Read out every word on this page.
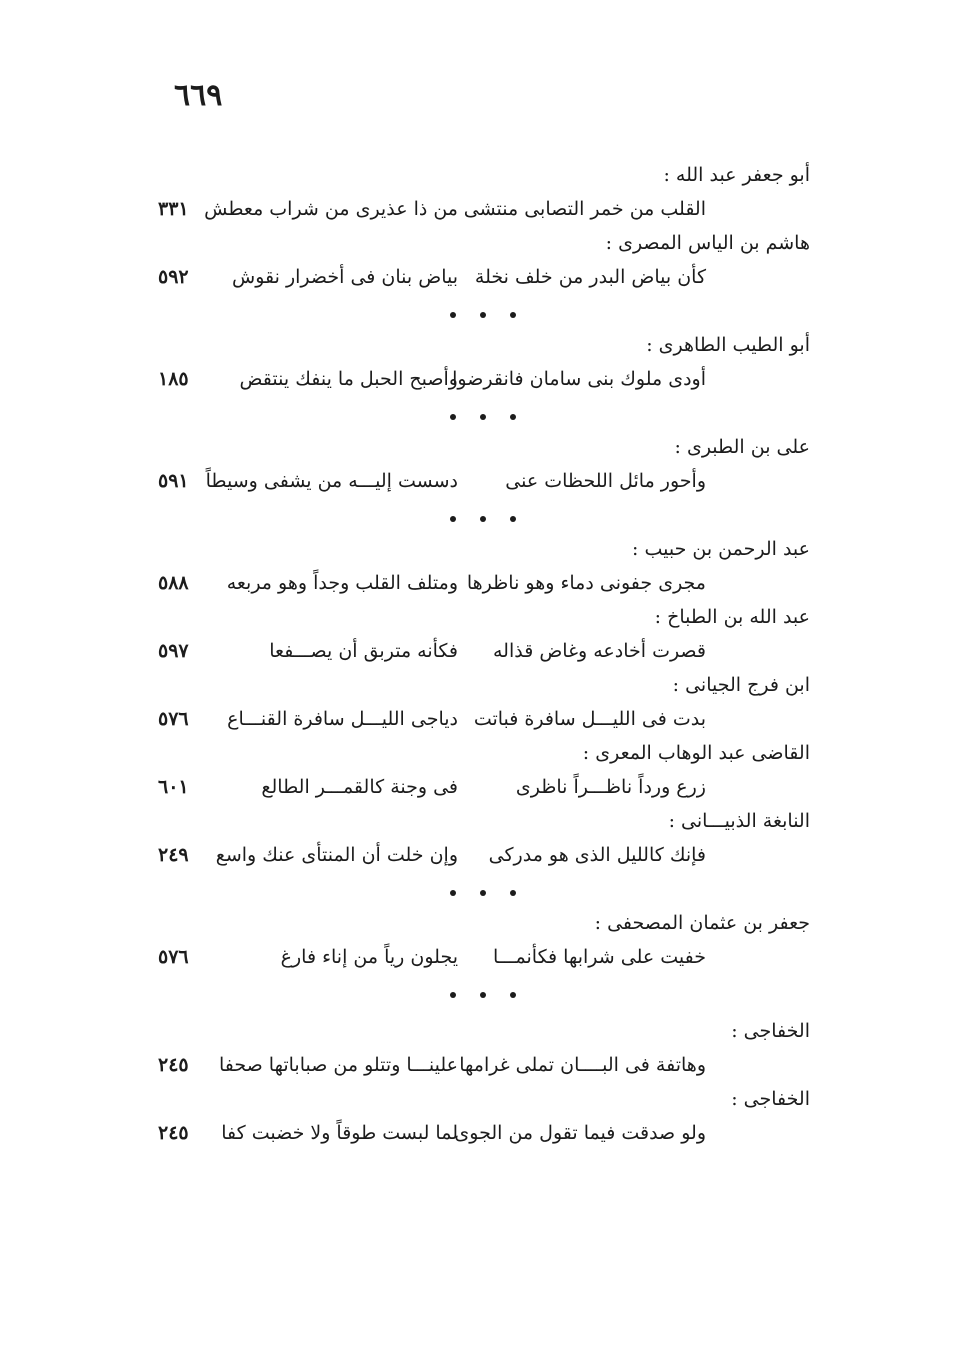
٦٦٩
أبو جعفر عبد الله :
القلب من خمر التصابى منتشى
من ذا عذيرى من شراب معطش
٣٣١
هاشم بن الياس المصرى :
كأن بياض البدر من خلف نخلة
بياض بنان فى أخضرار نقوش
٥٩٢
أبو الطيب الطاهرى :
أودى ملوك بنى سامان فانقرضوا
وأصبح الحبل ما ينفك ينتقض
١٨٥
على بن الطبرى :
وأحور مائل اللحظات عنى
دسست إليـــه من يشفى وسيطاً
٥٩١
عبد الرحمن بن حبيب :
مجرى جفونى دماء وهو ناظرها
ومتلف القلب وجداً وهو مربعه
٥٨٨
عبد الله بن الطباخ :
قصرت أخادعه وغاض قذاله
فكأنه متربق أن يصـــفعا
٥٩٧
ابن فرج الجيانى :
بدت فى الليـــل سافرة فباتت
دياجى الليـــل سافرة القنـــاع
٥٧٦
القاضى عبد الوهاب المعرى :
زرع ورداً ناظـــراً ناظرى
فى وجنة كالقمـــر الطالع
٦٠١
النابغة الذبيـــانى :
فإنك كالليل الذى هو مدركى
وإن خلت أن المنتأى عنك واسع
٢٤٩
جعفر بن عثمان المصحفى :
خفيت على شرابها فكأنمـــا
يجلون رياً من إناء فارغ
٥٧٦
الخفاجى :
وهاتفة فى البــــان تملى غرامها
علينـــا وتتلو من صباباتها صحفا
٢٤٥
الخفاجى :
ولو صدقت فيما تقول من الجوى
لما لبست طوقاً ولا خضبت كفا
٢٤٥
